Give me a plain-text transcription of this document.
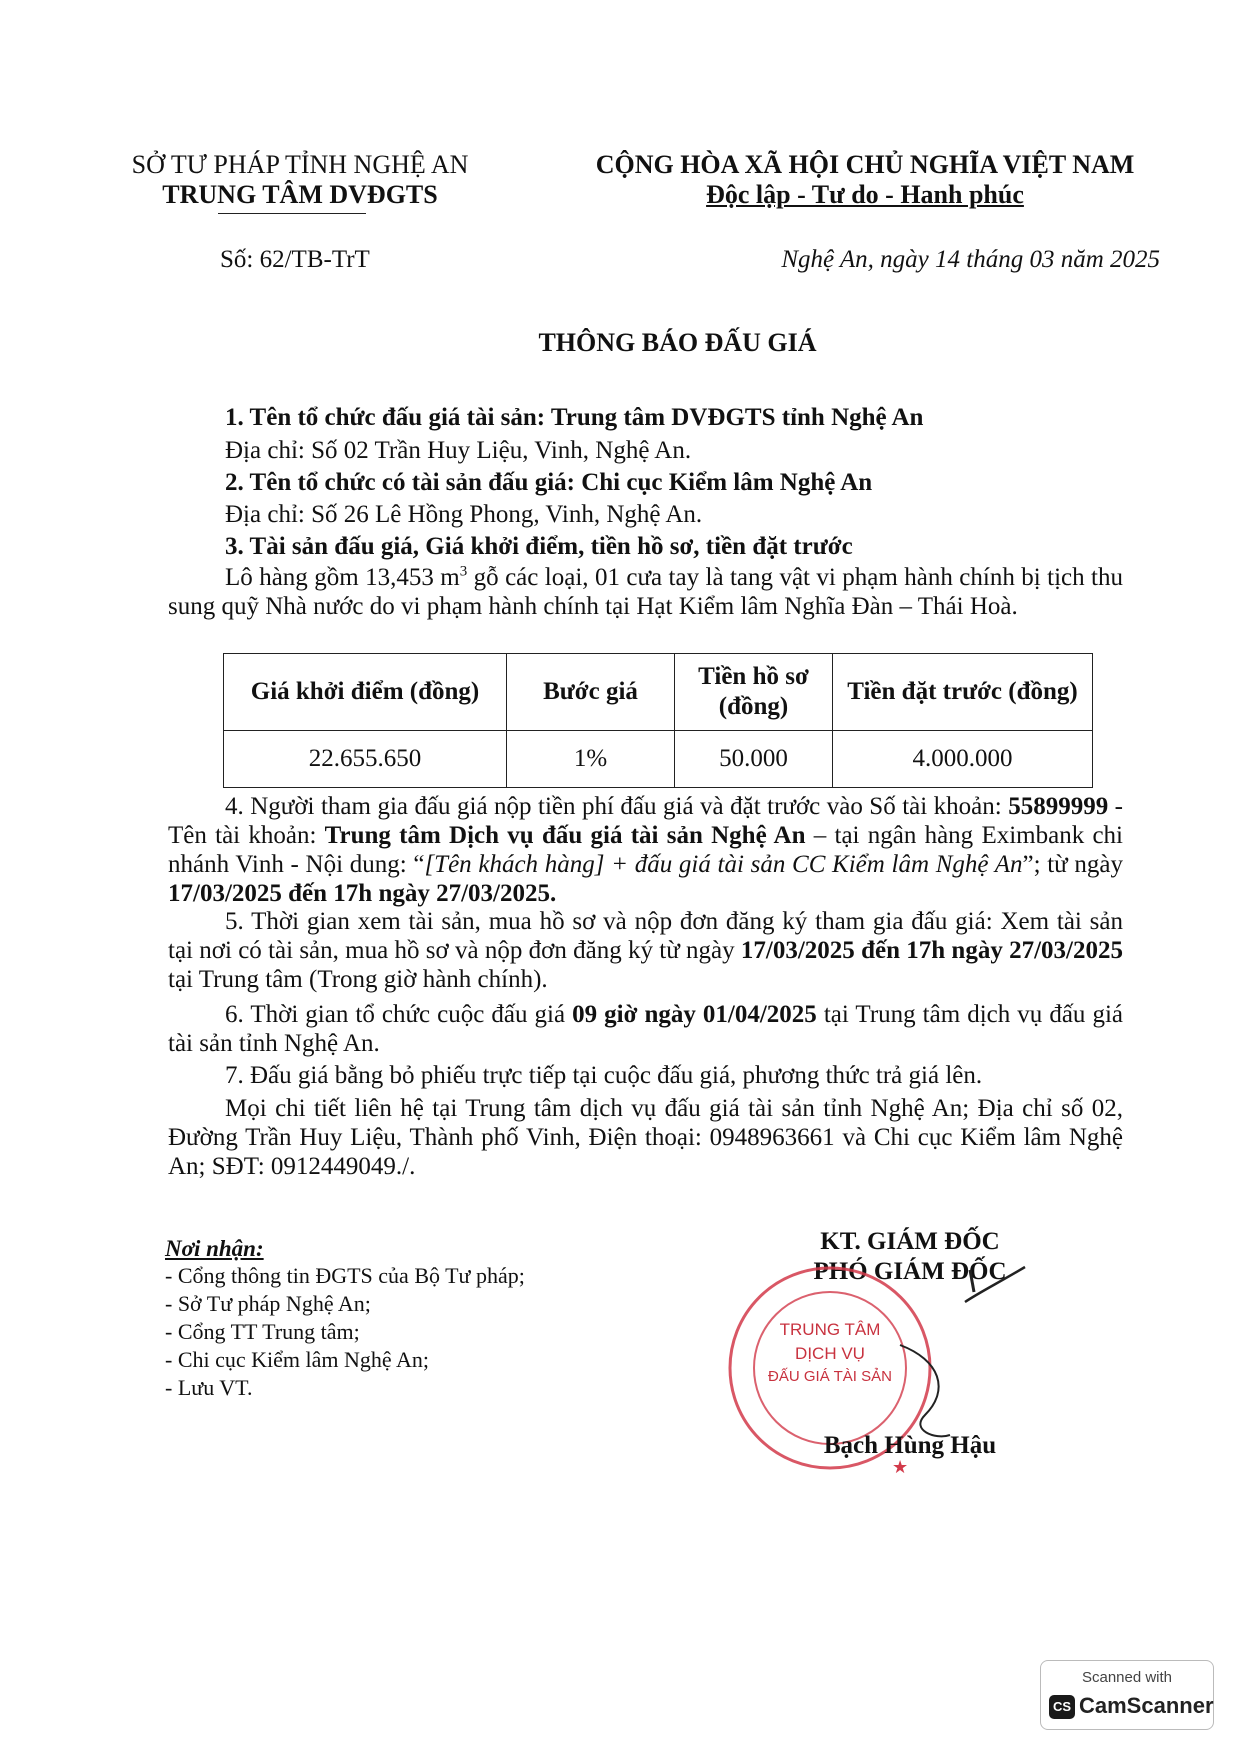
SỞ TƯ PHÁP TỈNH NGHỆ AN
TRUNG TÂM DVĐGTS
CỘNG HÒA XÃ HỘI CHỦ NGHĨA VIỆT NAM
Độc lập - Tư do - Hanh phúc
Số: 62/TB-TrT	Nghệ An, ngày 14 tháng 03 năm 2025
THÔNG BÁO ĐẤU GIÁ
1. Tên tổ chức đấu giá tài sản: Trung tâm DVĐGTS tỉnh Nghệ An
Địa chỉ: Số 02 Trần Huy Liệu, Vinh, Nghệ An.
2. Tên tổ chức có tài sản đấu giá: Chi cục Kiểm lâm Nghệ An
Địa chỉ: Số 26 Lê Hồng Phong, Vinh, Nghệ An.
3. Tài sản đấu giá, Giá khởi điểm, tiền hồ sơ, tiền đặt trước
Lô hàng gồm 13,453 $m^3$ gỗ các loại, 01 cưa tay là tang vật vi phạm hành chính bị tịch thu sung quỹ Nhà nước do vi phạm hành chính tại Hạt Kiểm lâm Nghĩa Đàn – Thái Hoà.
Giá khởi điểm (đồng)	Bước giá	Tiền hồ sơ (đồng)	Tiền đặt trước (đồng)
22.655.650	1%	50.000	4.000.000
4. Người tham gia đấu giá nộp tiền phí đấu giá và đặt trước vào Số tài khoản: 55899999 - Tên tài khoản: Trung tâm Dịch vụ đấu giá tài sản Nghệ An – tại ngân hàng Eximbank chi nhánh Vinh - Nội dung: “[Tên khách hàng] + đấu giá tài sản CC Kiểm lâm Nghệ An”; từ ngày 17/03/2025 đến 17h ngày 27/03/2025.
5. Thời gian xem tài sản, mua hồ sơ và nộp đơn đăng ký tham gia đấu giá: Xem tài sản tại nơi có tài sản, mua hồ sơ và nộp đơn đăng ký từ ngày 17/03/2025 đến 17h ngày 27/03/2025 tại Trung tâm (Trong giờ hành chính).
6. Thời gian tổ chức cuộc đấu giá 09 giờ ngày 01/04/2025 tại Trung tâm dịch vụ đấu giá tài sản tỉnh Nghệ An.
7. Đấu giá bằng bỏ phiếu trực tiếp tại cuộc đấu giá, phương thức trả giá lên.
Mọi chi tiết liên hệ tại Trung tâm dịch vụ đấu giá tài sản tỉnh Nghệ An; Địa chỉ số 02, Đường Trần Huy Liệu, Thành phố Vinh, Điện thoại: 0948963661 và Chi cục Kiểm lâm Nghệ An; SĐT: 0912449049./.
Nơi nhận:
- Cổng thông tin ĐGTS của Bộ Tư pháp;
- Sở Tư pháp Nghệ An;
- Cổng TT Trung tâm;
- Chi cục Kiểm lâm Nghệ An;
- Lưu VT.
KT. GIÁM ĐỐC
PHÓ GIÁM ĐỐC
★
TRUNG TÂM
DỊCH VỤ
ĐẤU GIÁ TÀI SẢN
Bạch Hùng Hậu
Scanned with
CS CamScanner
